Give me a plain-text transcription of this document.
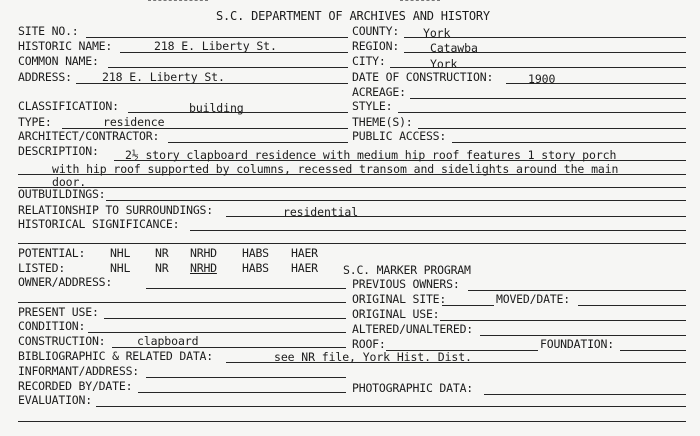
S.C. DEPARTMENT OF ARCHIVES AND HISTORY
SITE NO.:
HISTORIC NAME:
COMMON NAME:
ADDRESS:
CLASSIFICATION:
TYPE:
ARCHITECT/CONTRACTOR:
DESCRIPTION:
OUTBUILDINGS:
RELATIONSHIP TO SURROUNDINGS:
HISTORICAL SIGNIFICANCE:
POTENTIAL:
LISTED:
OWNER/ADDRESS:
PRESENT USE:
CONDITION:
CONSTRUCTION:
BIBLIOGRAPHIC & RELATED DATA:
INFORMANT/ADDRESS:
RECORDED BY/DATE:
EVALUATION:
NHL NR NRHD HABS HAER
NHL NR NRHD HABS HAER
COUNTY:
REGION:
CITY:
DATE OF CONSTRUCTION:
ACREAGE:
STYLE:
THEME(S):
PUBLIC ACCESS:
S.C. MARKER PROGRAM
PREVIOUS OWNERS:
ORIGINAL SITE:	MOVED/DATE:
ORIGINAL USE:
ALTERED/UNALTERED:
ROOF:	FOUNDATION:
PHOTOGRAPHIC DATA:
218 E. Liberty St.
218 E. Liberty St.
York
Catawba
York
1900
building
residence
2½ story clapboard residence with medium hip roof features 1 story porch
with hip roof supported by columns, recessed transom and sidelights around the main
door.
residential
clapboard
see NR file, York Hist. Dist.
